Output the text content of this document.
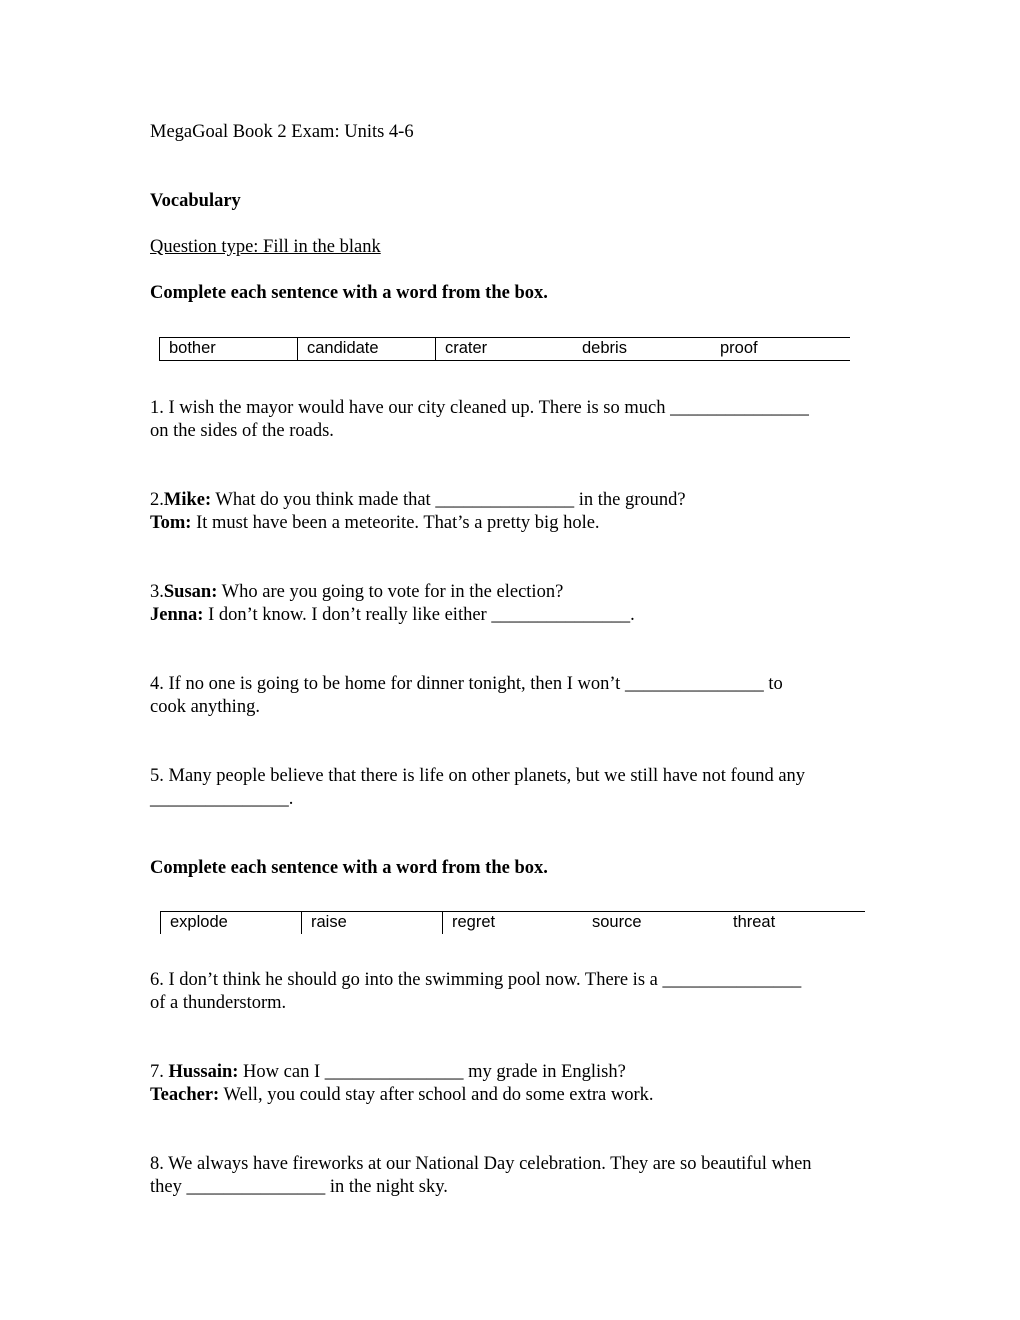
MegaGoal Book 2 Exam: Units 4-6
Vocabulary
Question type: Fill in the blank
Complete each sentence with a word from the box.
bother	candidate	crater	debris	proof
1. I wish the mayor would have our city cleaned up. There is so much _______________
on the sides of the roads.
2.Mike: What do you think made that _______________ in the ground?
Tom: It must have been a meteorite. That’s a pretty big hole.
3.Susan: Who are you going to vote for in the election?
Jenna: I don’t know. I don’t really like either _______________.
4. If no one is going to be home for dinner tonight, then I won’t _______________ to
cook anything.
5. Many people believe that there is life on other planets, but we still have not found any
_______________.
Complete each sentence with a word from the box.
explode	raise	regret	source	threat
6. I don’t think he should go into the swimming pool now. There is a _______________
of a thunderstorm.
7. Hussain: How can I _______________ my grade in English?
Teacher: Well, you could stay after school and do some extra work.
8. We always have fireworks at our National Day celebration. They are so beautiful when
they _______________ in the night sky.
